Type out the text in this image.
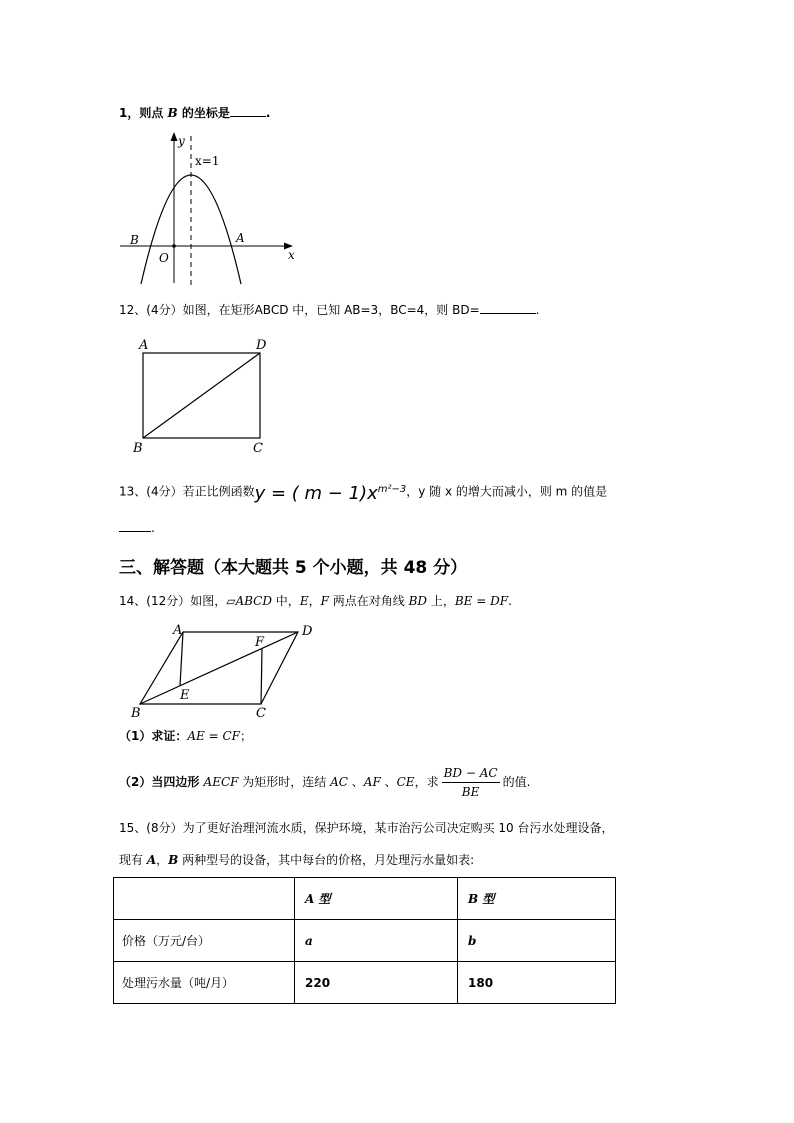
1，则点 B 的坐标是	.
y
x=1
B	A
O	x
12、(4分）如图，在矩形ABCD 中，已知 AB=3，BC=4，则 BD=	.
A	D
B	C
13、(4分）若正比例函数y = ( $m - 1)x^{m^2-3}$，y 随 x 的增大而减小，则 m 的值是
.
三、解答题（本大题共 5 个小题，共 48 分）
14、(12分）如图，▱ABCD 中，E，F 两点在对角线 BD 上，BE = DF.
A	D
F
E
B	C
（1）求证：AE = CF；
（2）当四边形 AECF 为矩形时，连结 AC 、AF 、CE，求 $\frac{BD - AC}{BE}$ 的值.
15、(8分）为了更好治理河流水质，保护环境，某市治污公司决定购买 10 台污水处理设备，
现有 A，B 两种型号的设备，其中每台的价格，月处理污水量如表:
	A 型	B 型
价格（万元/台）	a	b
处理污水量（吨/月）	220	180
